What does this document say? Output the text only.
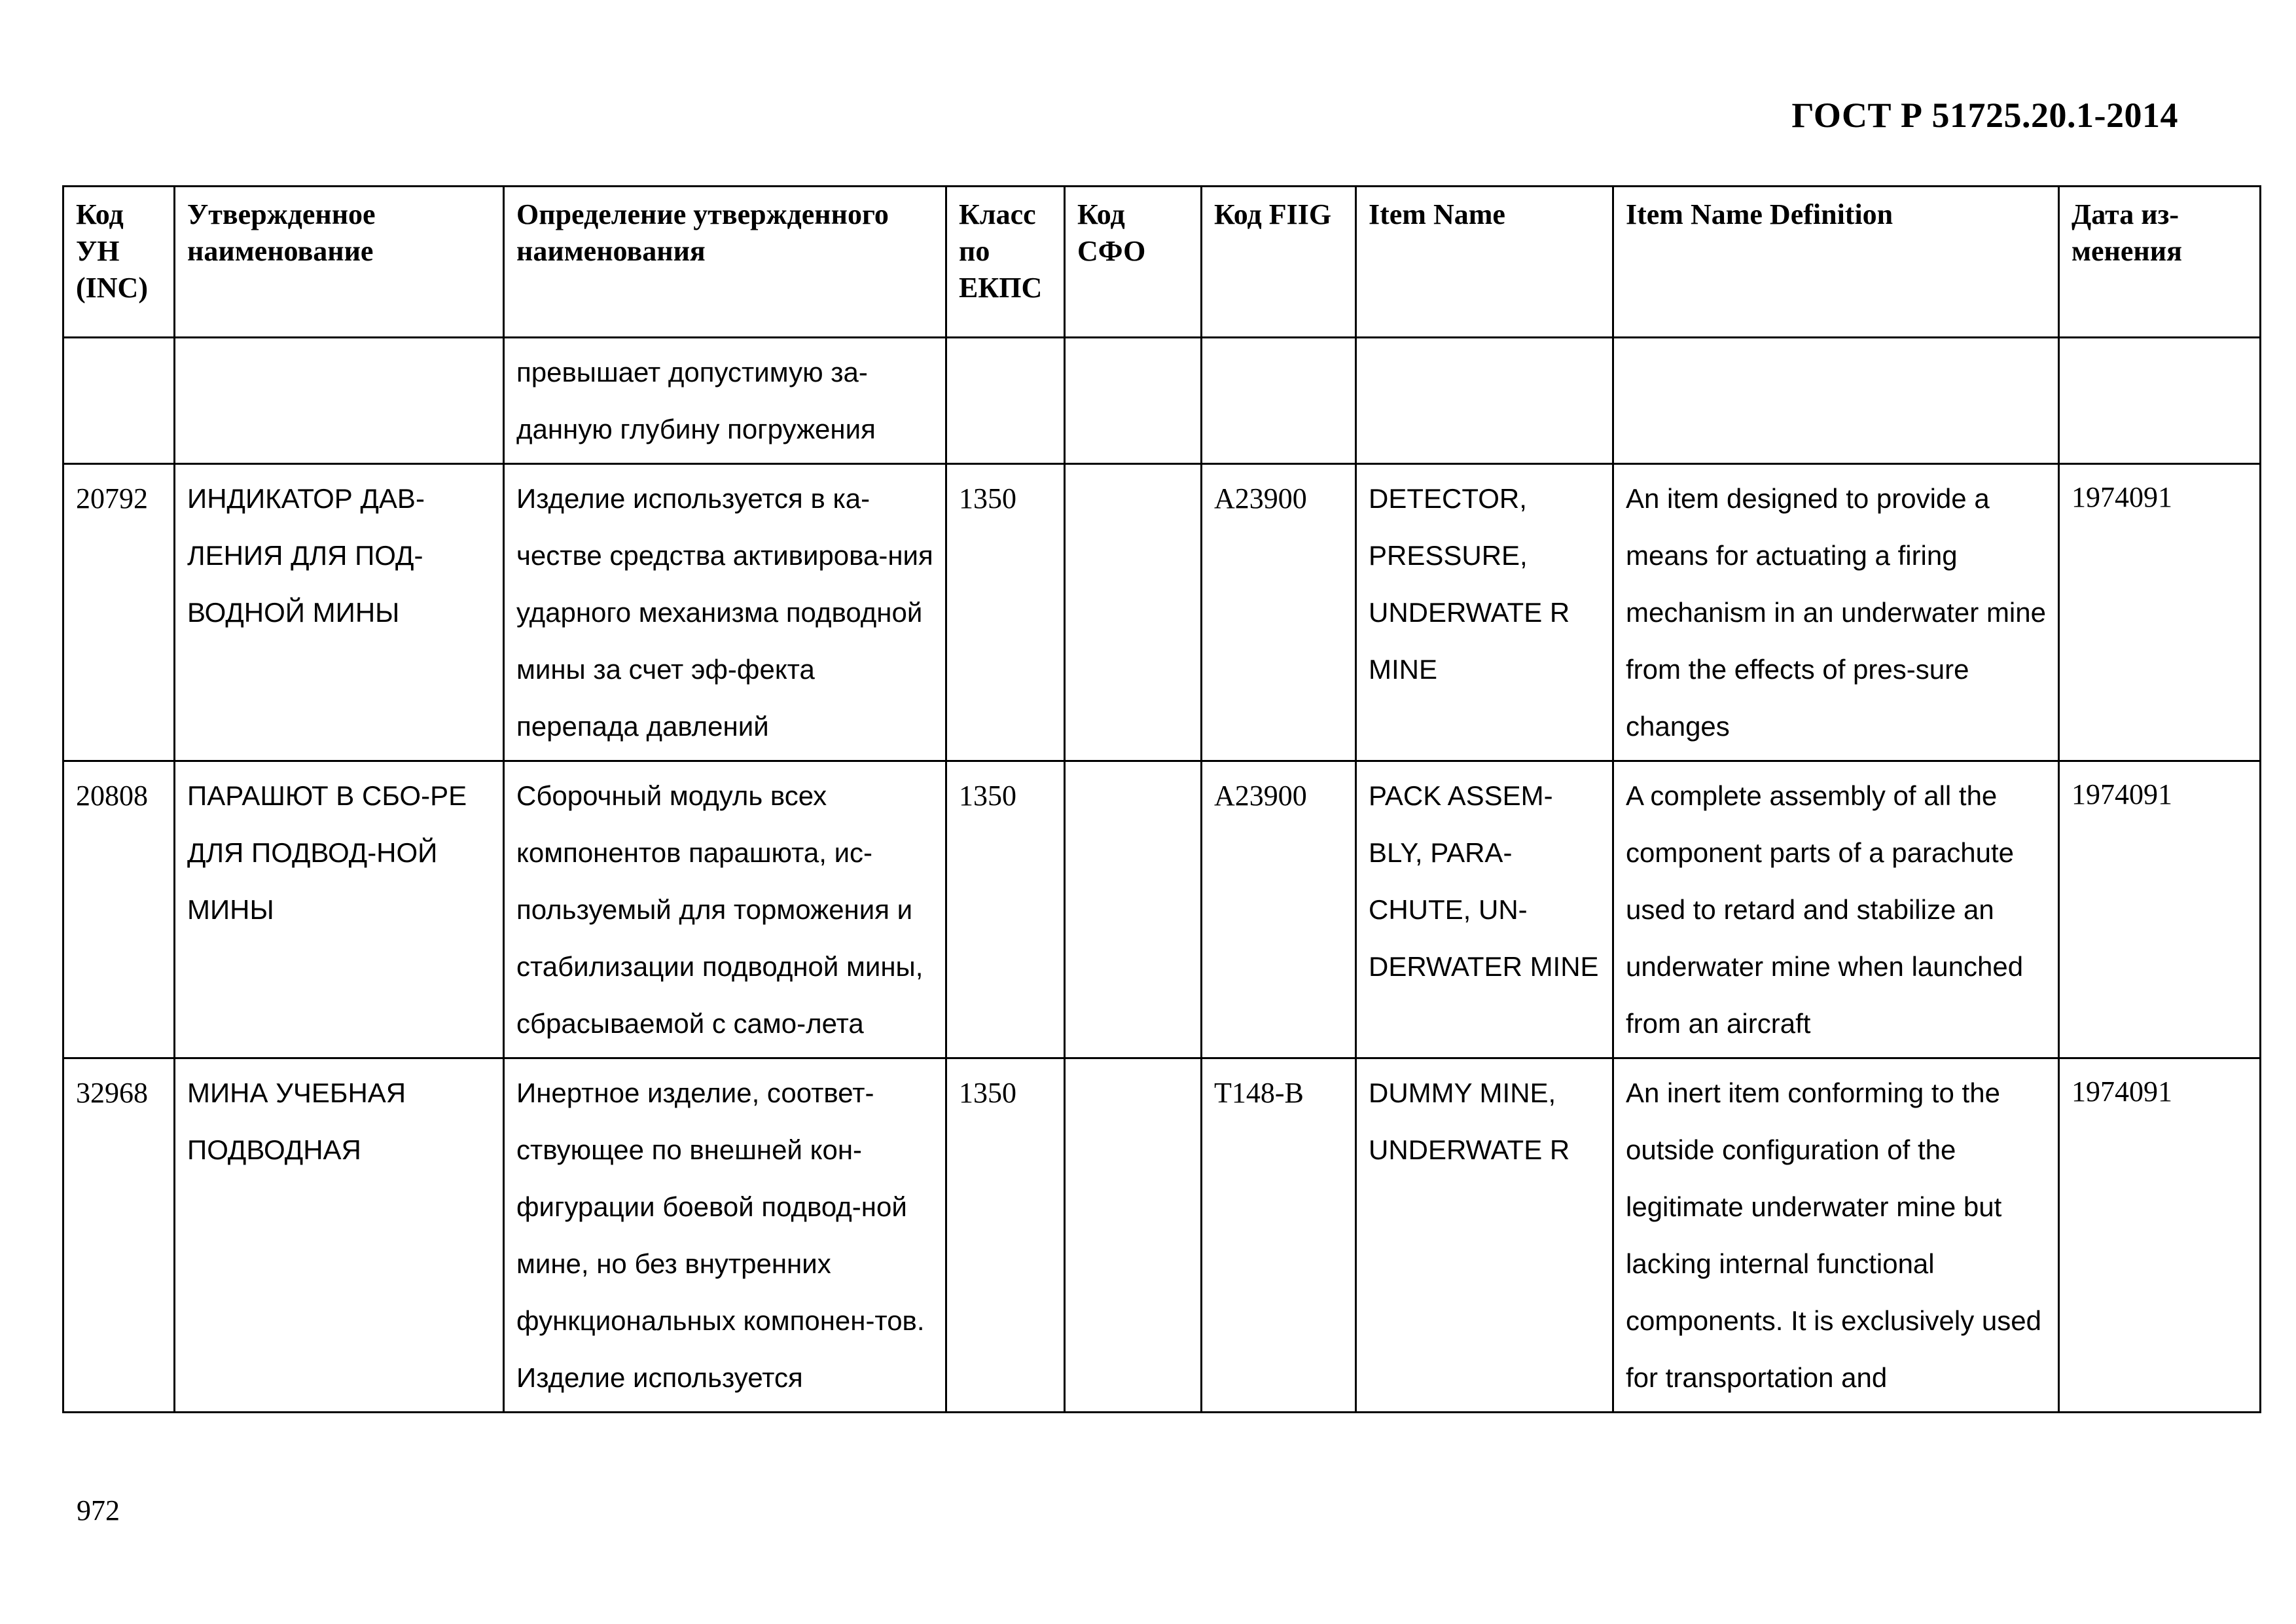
ГОСТ Р 51725.20.1-2014
Код УН (INC)	Утвержденное наименование	Определение утвержденного наименования	Класс по ЕКПС	Код СФО	Код FIIG	Item Name	Item Name Definition	Дата из-менения
		превышает допустимую за-данную глубину погружения						
20792	ИНДИКАТОР ДАВ-ЛЕНИЯ ДЛЯ ПОД-ВОДНОЙ МИНЫ	Изделие используется в ка-честве средства активирова-ния ударного механизма подводной мины за счет эф-фекта перепада давлений	1350		A23900	DETECTOR, PRESSURE, UNDERWATE R MINE	An item designed to provide a means for actuating a firing mechanism in an underwater mine from the effects of pres-sure changes	1974091
20808	ПАРАШЮТ В СБО-РЕ ДЛЯ ПОДВОД-НОЙ МИНЫ	Сборочный модуль всех компонентов парашюта, ис-пользуемый для торможения и стабилизации подводной мины, сбрасываемой с само-лета	1350		A23900	PACK ASSEM-BLY, PARA-CHUTE, UN-DERWATER MINE	A complete assembly of all the component parts of a parachute used to retard and stabilize an underwater mine when launched from an aircraft	1974091
32968	МИНА УЧЕБНАЯ ПОДВОДНАЯ	Инертное изделие, соответ-ствующее по внешней кон-фигурации боевой подвод-ной мине, но без внутренних функциональных компонен-тов. Изделие используется	1350		T148-B	DUMMY MINE, UNDERWATE R	An inert item conforming to the outside configuration of the legitimate underwater mine but lacking internal functional components. It is exclusively used for transportation and	1974091
972
